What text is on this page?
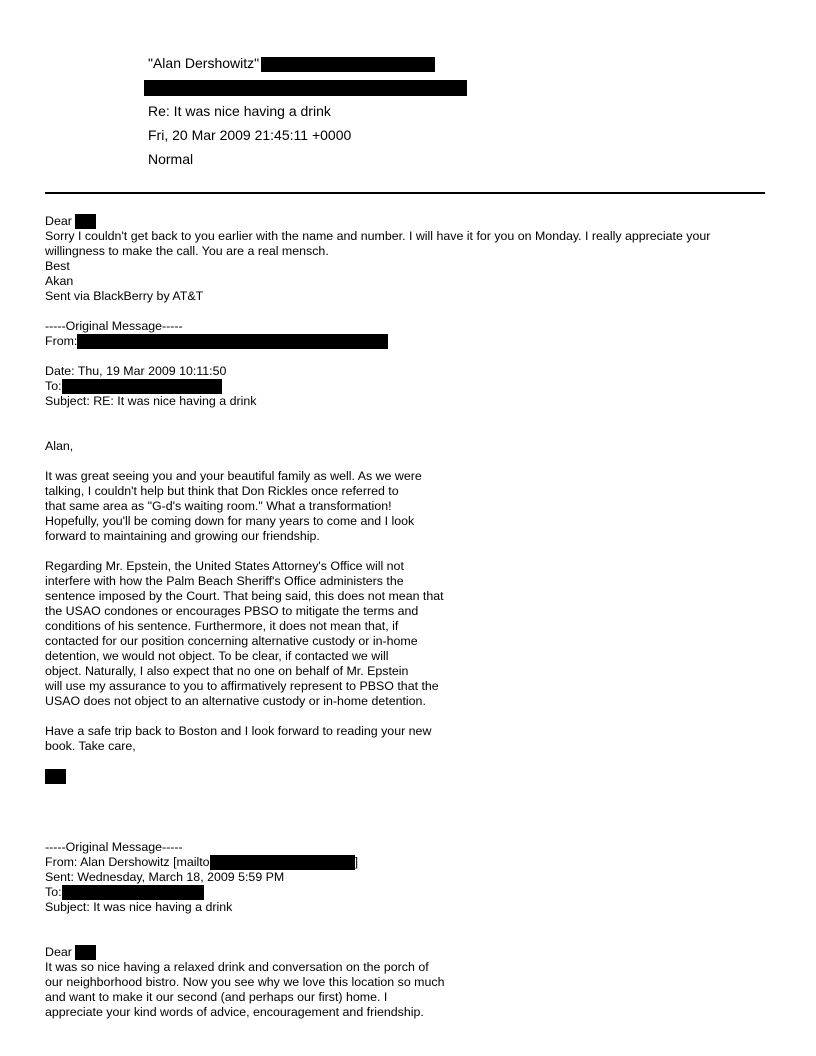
"Alan Dershowitz"
Re: It was nice having a drink
Fri, 20 Mar 2009 21:45:11 +0000
Normal

Dear

Sorry I couldn't get back to you earlier with the name and number. I will have it for you on Monday. I really appreciate your

willingness to make the call. You are a real mensch.

Best

Akan

Sent via BlackBerry by AT&T

-----Original Message-----

From:

Date: Thu, 19 Mar 2009 10:11:50

To:

Subject: RE: It was nice having a drink

Alan,

It was great seeing you and your beautiful family as well. As we were
talking, I couldn't help but think that Don Rickles once referred to
that same area as "G-d's waiting room." What a transformation!
Hopefully, you'll be coming down for many years to come and I look
forward to maintaining and growing our friendship.

Regarding Mr. Epstein, the United States Attorney's Office will not
interfere with how the Palm Beach Sheriff's Office administers the
sentence imposed by the Court. That being said, this does not mean that
the USAO condones or encourages PBSO to mitigate the terms and
conditions of his sentence. Furthermore, it does not mean that, if
contacted for our position concerning alternative custody or in-home
detention, we would not object. To be clear, if contacted we will
object. Naturally, I also expect that no one on behalf of Mr. Epstein
will use my assurance to you to affirmatively represent to PBSO that the
USAO does not object to an alternative custody or in-home detention.

Have a safe trip back to Boston and I look forward to reading your new
book. Take care,

-----Original Message-----

From: Alan Dershowitz [mailto	]

Sent: Wednesday, March 18, 2009 5:59 PM

To:

Subject: It was nice having a drink

Dear

It was so nice having a relaxed drink and conversation on the porch of
our neighborhood bistro. Now you see why we love this location so much
and want to make it our second (and perhaps our first) home. I
appreciate your kind words of advice, encouragement and friendship.
